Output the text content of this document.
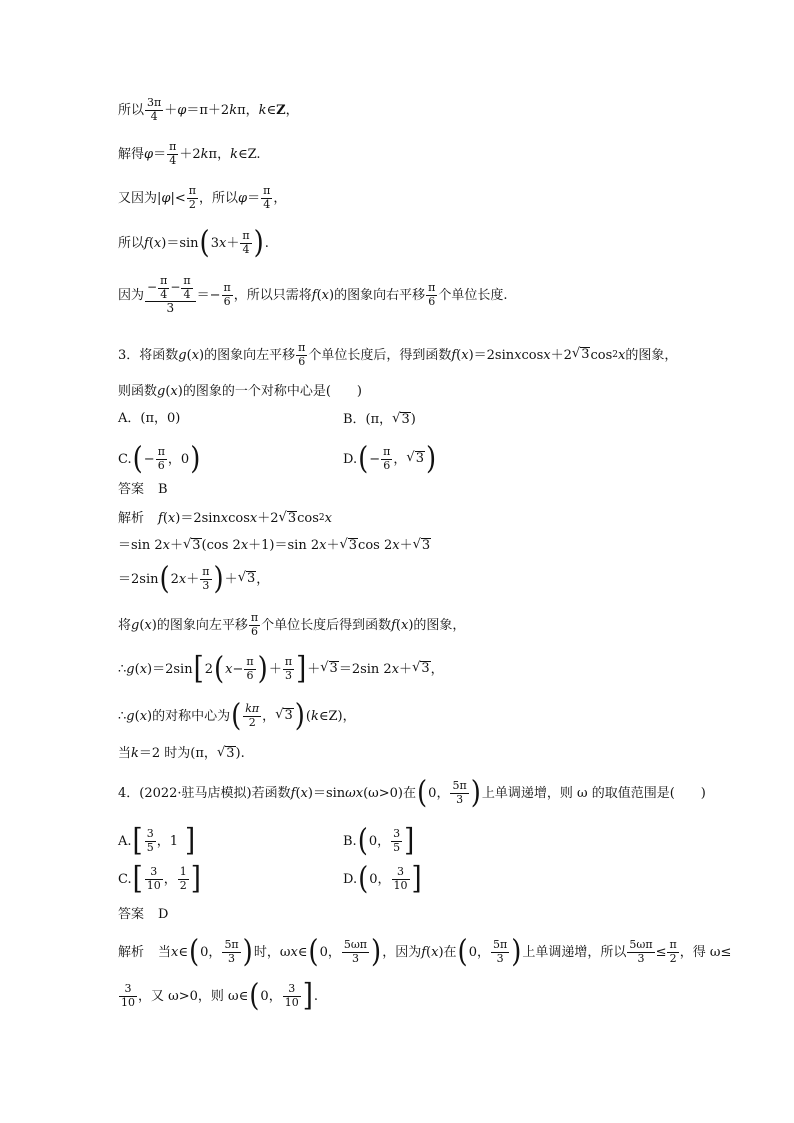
所以 $\frac{3\pi}{4} + \varphi =\pi+2$ k π， k ∈ Z ，
解得 $\varphi = \frac{\pi}{4} +2$ k π， k ∈Z.
又因为| φ |< $\frac{\pi}{2}$ ，所以 $\varphi = \frac{\pi}{4}$ ，
所以 f ( x )＝sin ( 3 $x + \frac{\pi}{4}$ ) .
因为 $\frac{- \frac{\pi}{4} - \frac{\pi}{4}}{3} =- \frac{\pi}{6}$ ，所以只需将 f ( x )的图象向右平移 $\frac{\pi}{6}$ 个单位长度.
3．将函数 g ( x )的图象向左平移 $\frac{\pi}{6}$ 个单位长度后，得到函数 f ( x )＝2sin x cos x ＋2 √ 3 cos 2 x 的图象，
则函数 g ( x )的图象的一个对称中心是(　　)
A．(π，0)	B．(π， √ 3 )
C. ( − $\frac{\pi}{6}$ ，0 )	D. ( − $\frac{\pi}{6}$ ， √ 3 )
答案 B
解析 f ( x )＝2sin x cos x ＋2 √ 3 cos 2 x
＝sin 2 x ＋ √ 3 (cos 2 x ＋1)＝sin 2 x ＋ √ 3 cos 2 x ＋ √ 3
＝2sin ( 2 $x + \frac{\pi}{3}$ ) ＋ √ 3 ，
将 g ( x )的图象向左平移 $\frac{\pi}{6}$ 个单位长度后得到函数 f ( x )的图象，
∴ g ( x )＝2sin [ 2 ( $x - \frac{\pi}{6}$ ) ＋ $\frac{\pi}{3}$ ] ＋ √ 3 ＝2sin 2 x ＋ √ 3 ，
∴ g ( x )的对称中心为 ( $\frac{k\pi}{2}$ ， √ 3 ) ( k ∈Z)，
当 k ＝2 时为(π， √ 3 ).
4．(2022·驻马店模拟)若函数 f ( x )＝sin ωx (ω>0)在 ( 0， $\frac{5\pi}{3}$ ) 上单调递增，则 ω 的取值范围是(　　)
A. [ $\frac{3}{5}$ ，1 ]	B. ( 0， $\frac{3}{5}$ ]
C. [ $\frac{3}{10}$ ， $\frac{1}{2}$ ]	D. ( 0， $\frac{3}{10}$ ]
答案 D
解析 当 x ∈ ( 0， $\frac{5\pi}{3}$ ) 时，ω x ∈ ( 0， $\frac{5\omega\pi}{3}$ ) ，因为 f ( x )在 ( 0， $\frac{5\pi}{3}$ ) 上单调递增，所以 $\frac{5\omega\pi}{3} \le \frac{\pi}{2}$ ，得 ω≤
$\frac{3}{10}$ ，又 ω>0，则 ω∈ ( 0， $\frac{3}{10}$ ] .
